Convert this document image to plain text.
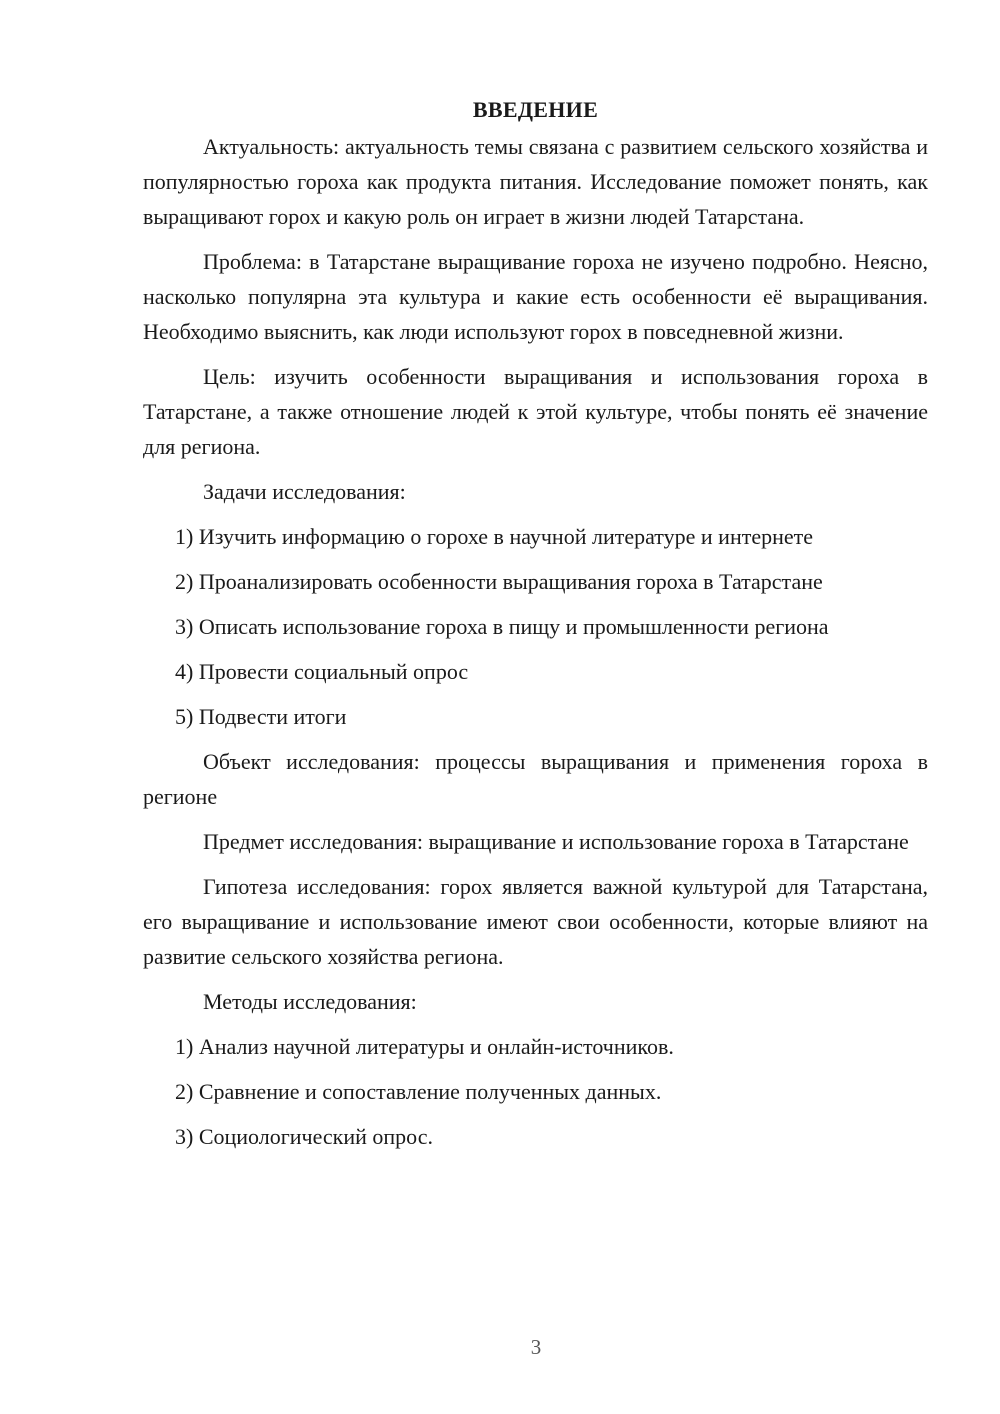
ВВЕДЕНИЕ

Актуальность: актуальность темы связана с развитием сельского хозяйства и популярностью гороха как продукта питания. Исследование поможет понять, как выращивают горох и какую роль он играет в жизни людей Татарстана.

Проблема: в Татарстане выращивание гороха не изучено подробно. Неясно, насколько популярна эта культура и какие есть особенности её выращивания. Необходимо выяснить, как люди используют горох в повседневной жизни.

Цель: изучить особенности выращивания и использования гороха в Татарстане, а также отношение людей к этой культуре, чтобы понять её значение для региона.

Задачи исследования:

1) Изучить информацию о горохе в научной литературе и интернете

2) Проанализировать особенности выращивания гороха в Татарстане

3) Описать использование гороха в пищу и промышленности региона

4) Провести социальный опрос

5) Подвести итоги

Объект исследования: процессы выращивания и применения гороха в регионе

Предмет исследования: выращивание и использование гороха в Татарстане

Гипотеза исследования: горох является важной культурой для Татарстана, его выращивание и использование имеют свои особенности, которые влияют на развитие сельского хозяйства региона.

Методы исследования:

1) Анализ научной литературы и онлайн-источников.

2) Сравнение и сопоставление полученных данных.

3) Социологический опрос.

3
